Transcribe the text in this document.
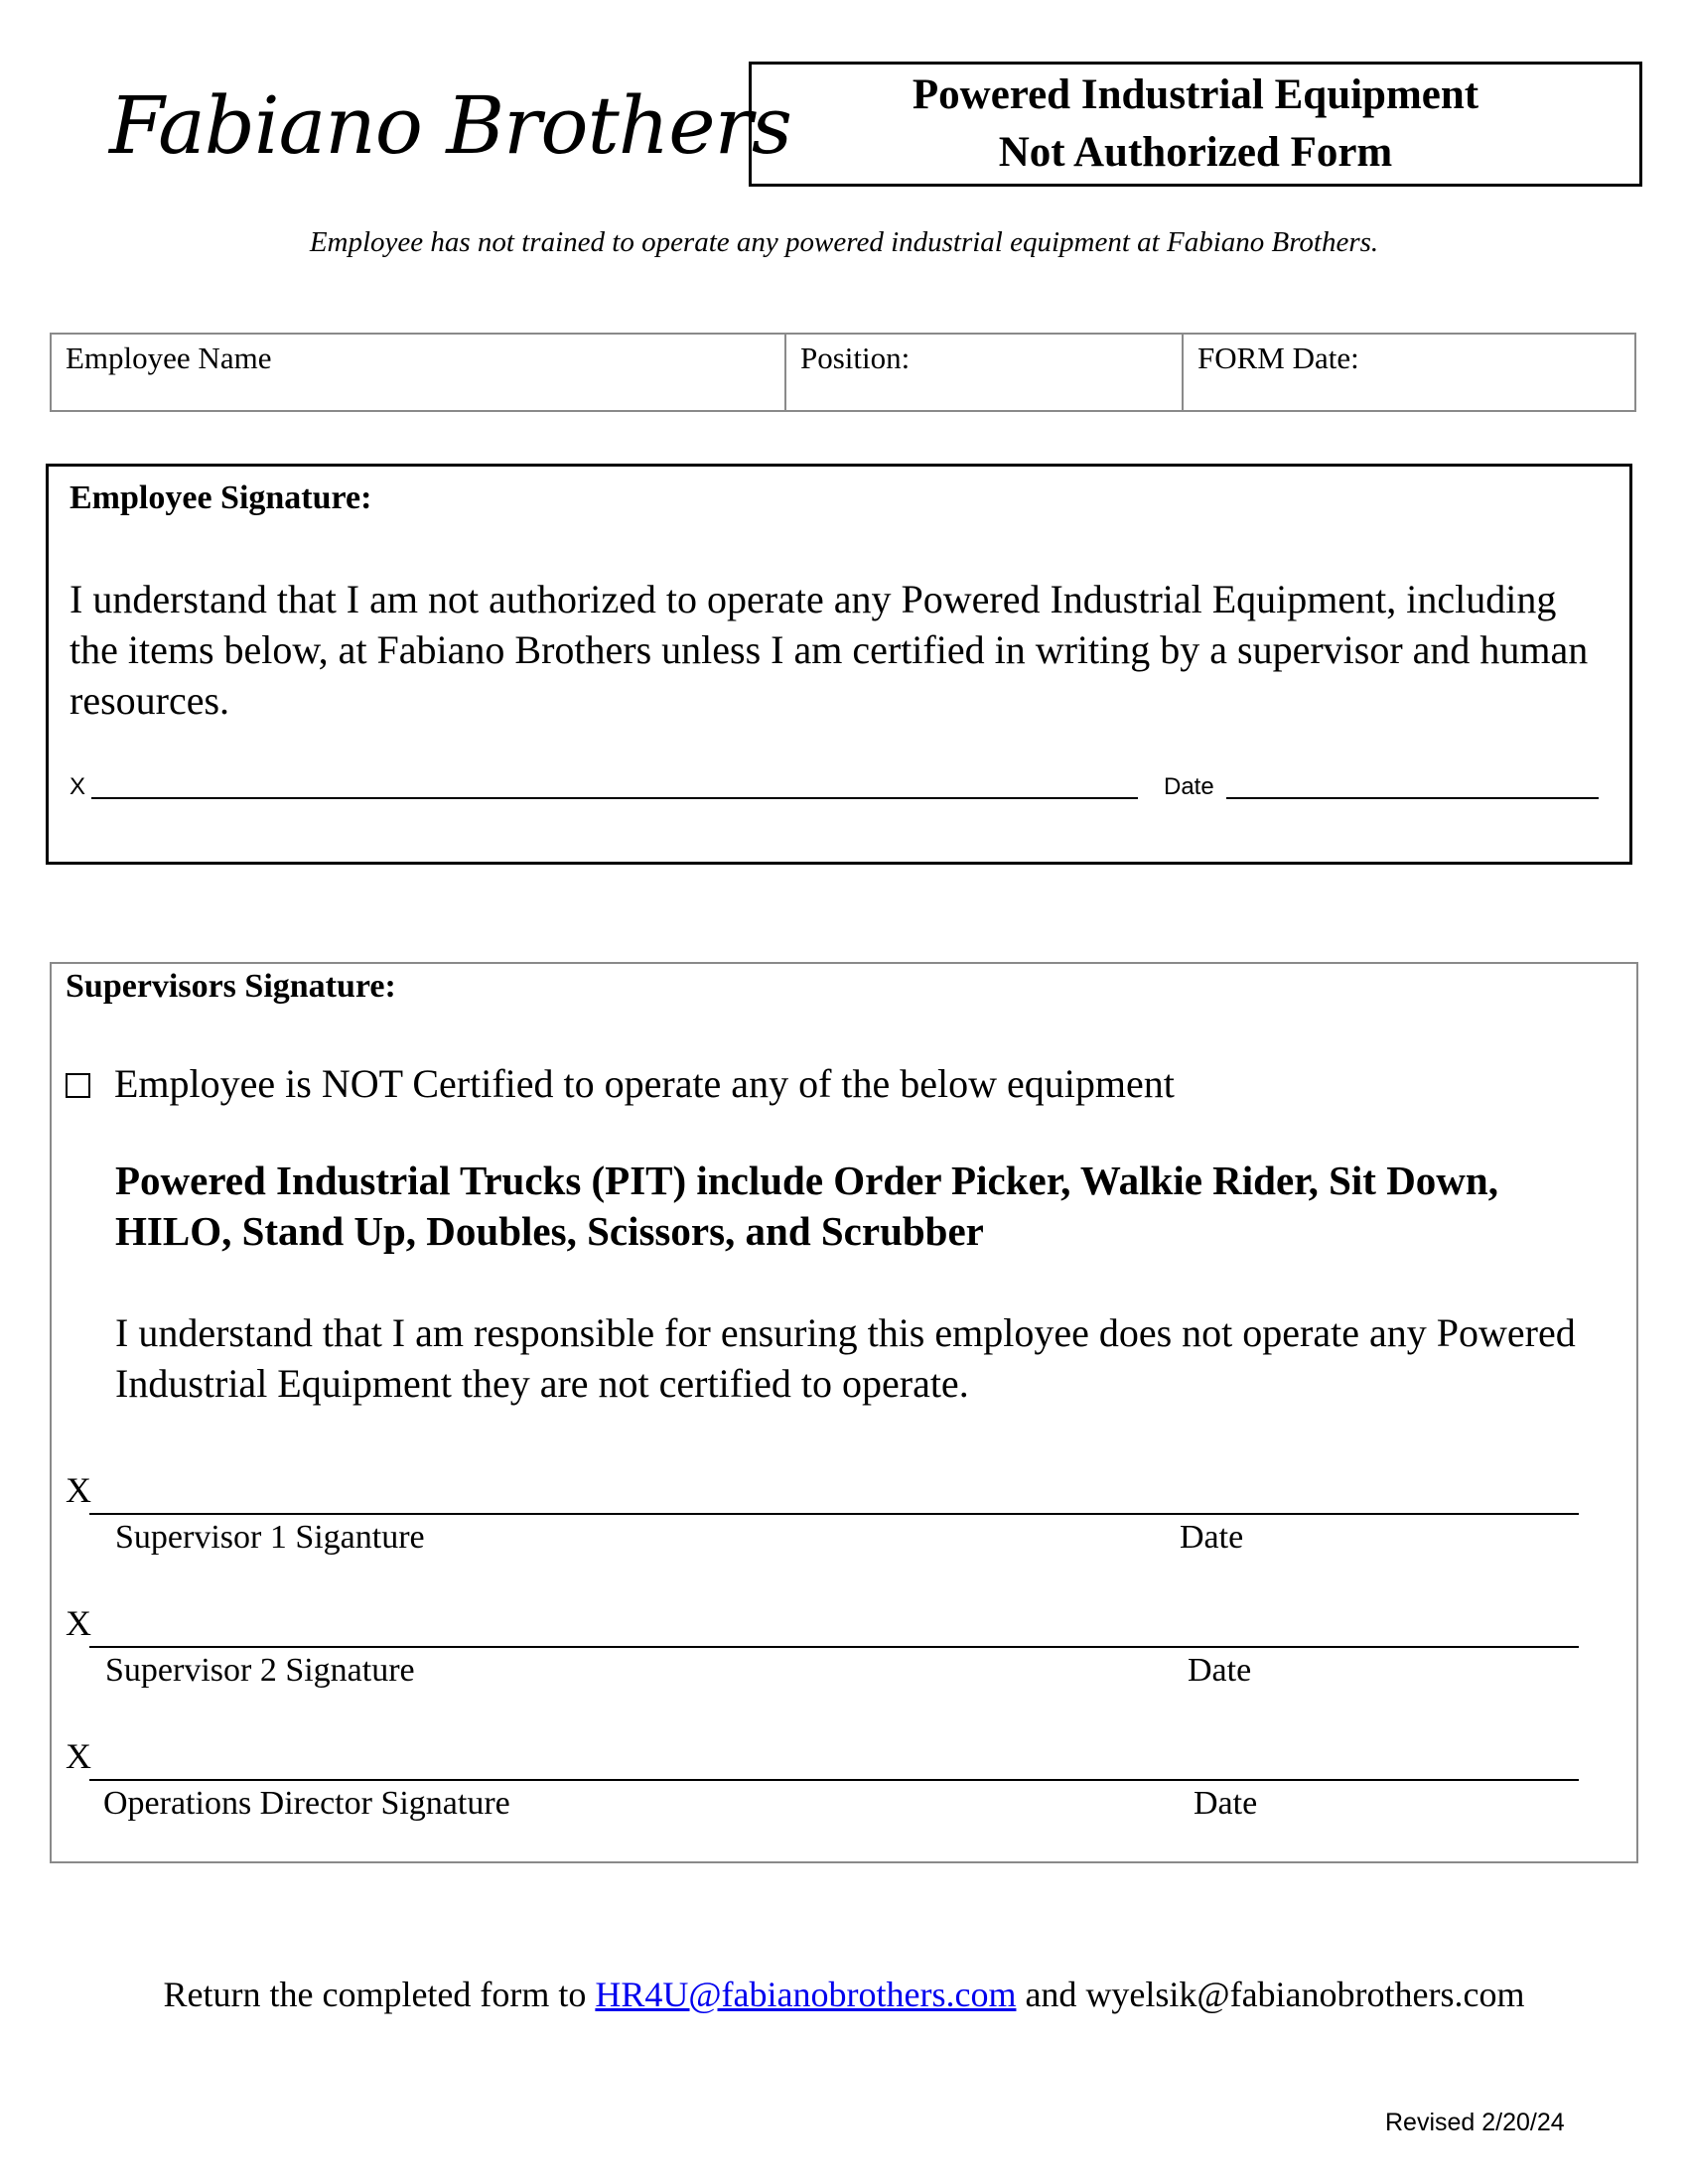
Fabiano Brothers	Powered Industrial Equipment
Not Authorized Form
Employee has not trained to operate any powered industrial equipment at Fabiano Brothers.
Employee Name	Position:	FORM Date:
Employee Signature:
I understand that I am not authorized to operate any Powered Industrial Equipment, including the items below, at Fabiano Brothers unless I am certified in writing by a supervisor and human resources.
X	Date
Supervisors Signature:
Employee is NOT Certified to operate any of the below equipment
Powered Industrial Trucks (PIT) include Order Picker, Walkie Rider, Sit Down, HILO, Stand Up, Doubles, Scissors, and Scrubber
I understand that I am responsible for ensuring this employee does not operate any Powered Industrial Equipment they are not certified to operate.
X
Supervisor 1 Siganture	Date
X
Supervisor 2 Signature	Date
X
Operations Director Signature	Date
Return the completed form to HR4U@fabianobrothers.com and wyelsik@fabianobrothers.com
Revised 2/20/24
